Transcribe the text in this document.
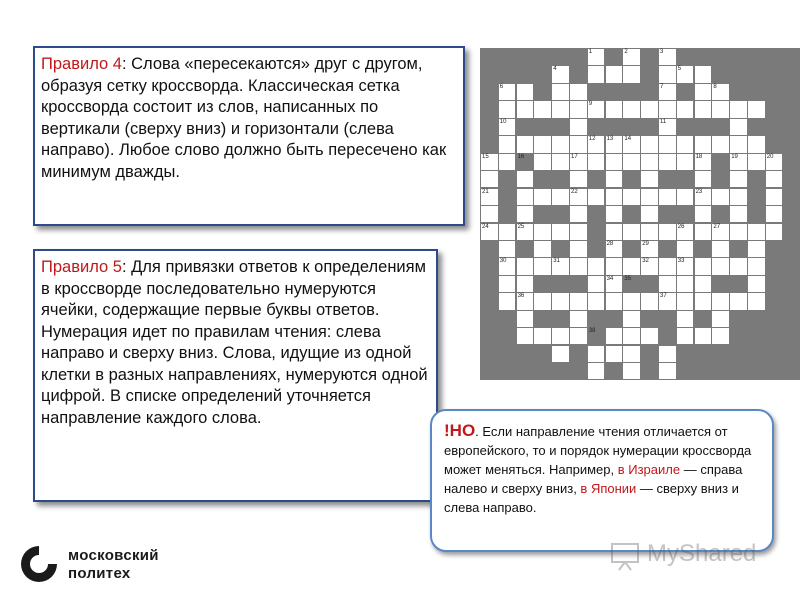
Правило 4: Слова «пересекаются» друг с другом, образуя сетку кроссворда. Классическая сетка кроссворда состоит из слов, написанных по вертикали (сверху вниз) и горизонтали (слева направо). Любое слово должно быть пересечено как минимум дважды.
Правило 5: Для привязки ответов к определениям в кроссворде последовательно нумеруются ячейки, содержащие первые буквы ответов. Нумерация идет по правилам чтения: слева направо и сверху вниз. Слова, идущие из одной клетки в разных направлениях, нумеруются одной цифрой. В списке определений уточняется направление каждого слова.
1	2	3
4	5
6	7	8
9
10	11
12 13 14
15	16	17	18	19	20
21	22	23
24	25	26	27
28	29
30	31	32	33
34 35
36	37
38
!НО. Если направление чтения отличается от европейского, то и порядок нумерации кроссворда может меняться. Например, в Израиле — справа налево и сверху вниз, в Японии — сверху вниз и слева направо.
московский
политех
MyShared
